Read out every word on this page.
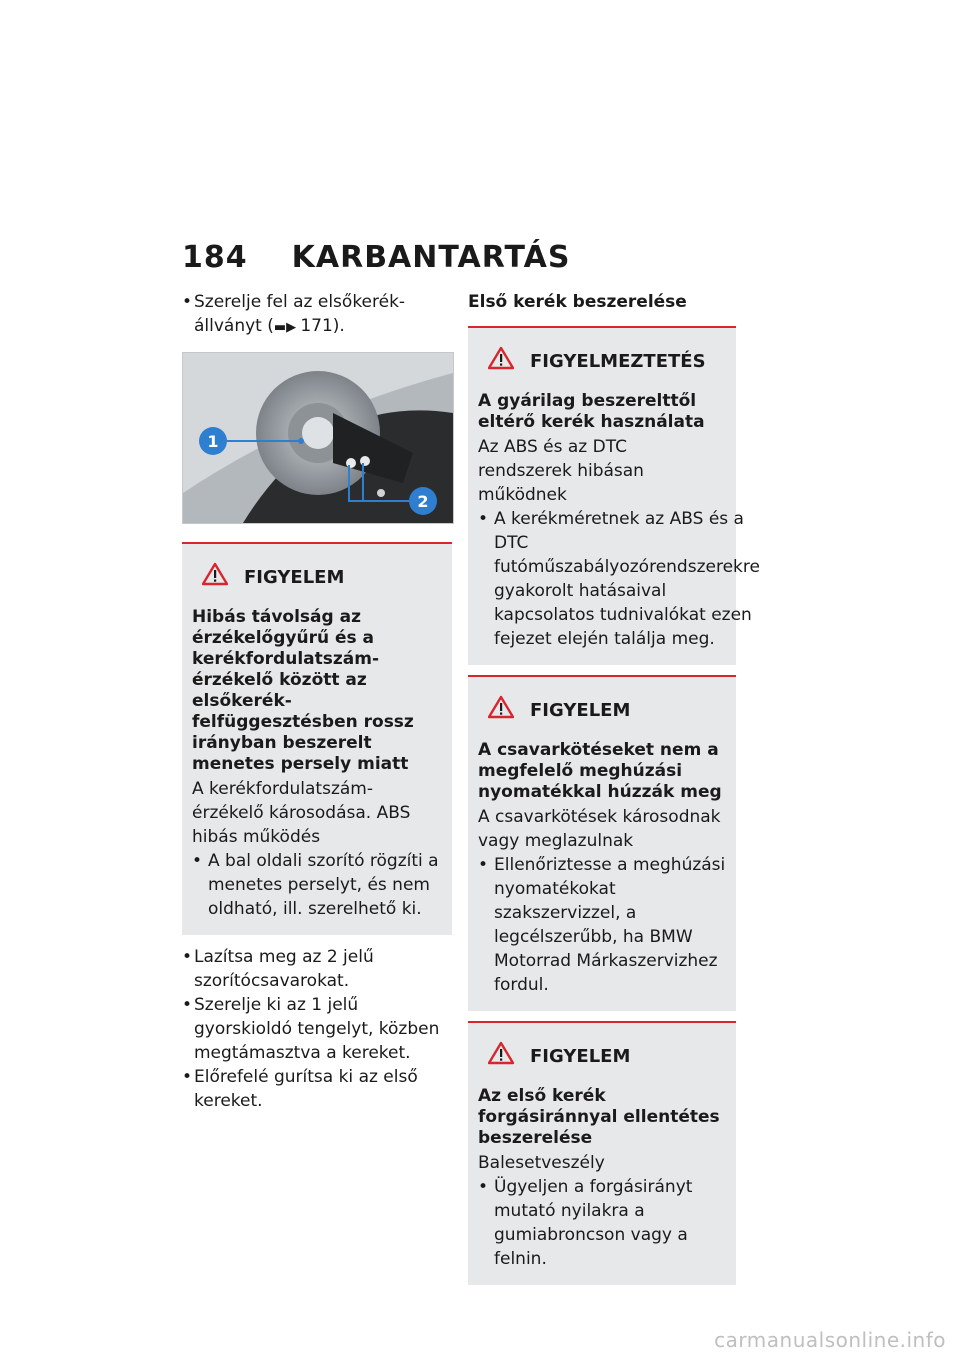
184 KARBANTARTÁS
• Szerelje fel az elsőkerék-állványt (▬▶ 171).
1
2
FIGYELEM
Hibás távolság az érzékelőgyűrű és a kerékfordulatszám-érzékelő között az elsőkerék-felfüggesztésben rossz irányban beszerelt menetes persely miatt
A kerékfordulatszám-érzékelő károsodása. ABS hibás működés
• A bal oldali szorító rögzíti a menetes perselyt, és nem oldható, ill. szerelhető ki.
• Lazítsa meg az 2 jelű szorítócsavarokat.
• Szerelje ki az 1 jelű gyorskioldó tengelyt, közben megtámasztva a kereket.
• Előrefelé gurítsa ki az első kereket.
Első kerék beszerelése
FIGYELMEZTETÉS
A gyárilag beszerelttől eltérő kerék használata
Az ABS és az DTC rendszerek hibásan működnek
• A kerékméretnek az ABS és a DTC futóműszabályozórendszerekre gyakorolt hatásaival kapcsolatos tudnivalókat ezen fejezet elején találja meg.
FIGYELEM
A csavarkötéseket nem a megfelelő meghúzási nyomatékkal húzzák meg
A csavarkötések károsodnak vagy meglazulnak
• Ellenőriztesse a meghúzási nyomatékokat szakszervizzel, a legcélszerűbb, ha BMW Motorrad Márkaszervizhez fordul.
FIGYELEM
Az első kerék forgásiránnyal ellentétes beszerelése
Balesetveszély
• Ügyeljen a forgásirányt mutató nyilakra a gumiabroncson vagy a felnin.
carmanualsonline.info
